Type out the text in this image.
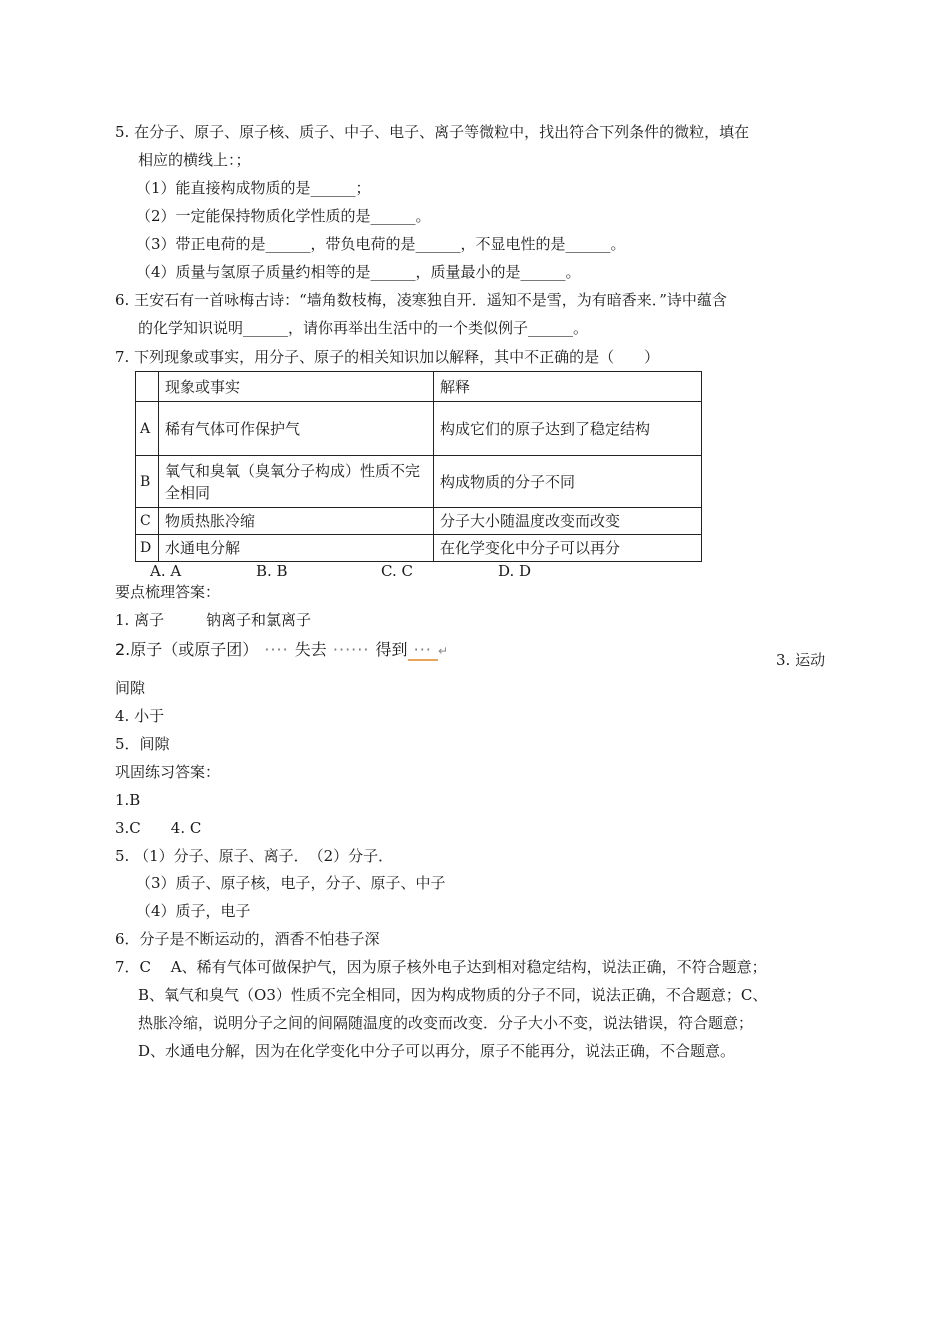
5. 在分子、原子、原子核、质子、中子、电子、离子等微粒中，找出符合下列条件的微粒，填在
相应的横线上：；
（1）能直接构成物质的是______；
（2）一定能保持物质化学性质的是______。
（3）带正电荷的是______，带负电荷的是______，不显电性的是______。
（4）质量与氢原子质量约相等的是______，质量最小的是______。
6. 王安石有一首咏梅古诗：“墙角数枝梅，凌寒独自开．遥知不是雪，为有暗香来．”诗中蕴含
的化学知识说明______，请你再举出生活中的一个类似例子______。
7. 下列现象或事实，用分子、原子的相关知识加以解释，其中不正确的是（　　）
	现象或事实	解释
A	稀有气体可作保护气	构成它们的原子达到了稳定结构
B	氧气和臭氧（臭氧分子构成）性质不完全相同	构成物质的分子不同
C	物质热胀冷缩	分子大小随温度改变而改变
D	水通电分解	在化学变化中分子可以再分
A. A	B. B	C. C	D. D
要点梳理答案：
1. 离子	钠离子和氯离子
2.原子（或原子团） ···· 失去 ······ 得到 ··· ↵	3. 运动
间隙
4. 小于
5．间隙
巩固练习答案：
1.B
3.C　　4. C
5. （1）分子、原子、离子．　（2）分子．
（3）质子、原子核，电子，分子、原子、中子
（4）质子，电子
6．分子是不断运动的，酒香不怕巷子深
7．C　 A、稀有气体可做保护气，因为原子核外电子达到相对稳定结构，说法正确，不符合题意；
B、氧气和臭气（O3）性质不完全相同，因为构成物质的分子不同，说法正确，不合题意；C、
热胀冷缩，说明分子之间的间隔随温度的改变而改变．分子大小不变，说法错误，符合题意；
D、水通电分解，因为在化学变化中分子可以再分，原子不能再分，说法正确，不合题意。
